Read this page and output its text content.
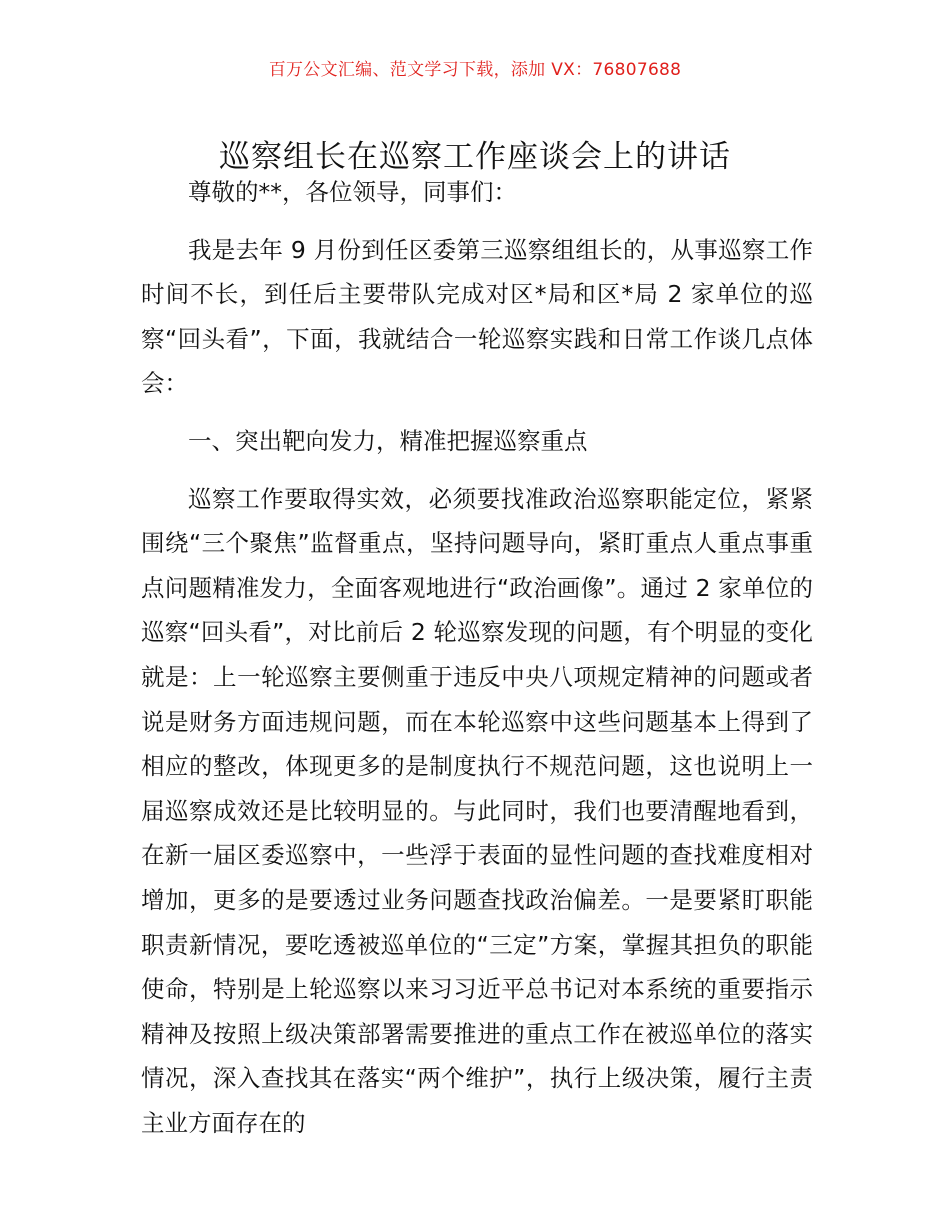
百万公文汇编、范文学习下载，添加 VX：76807688
巡察组长在巡察工作座谈会上的讲话

尊敬的**，各位领导，同事们：

我是去年 9 月份到任区委第三巡察组组长的，从事巡察工作时间不长，到任后主要带队完成对区*局和区*局 2 家单位的巡察“回头看”，下面，我就结合一轮巡察实践和日常工作谈几点体会：

一、突出靶向发力，精准把握巡察重点

巡察工作要取得实效，必须要找准政治巡察职能定位，紧紧围绕“三个聚焦”监督重点，坚持问题导向，紧盯重点人重点事重点问题精准发力，全面客观地进行“政治画像”。通过 2 家单位的巡察“回头看”，对比前后 2 轮巡察发现的问题，有个明显的变化就是：上一轮巡察主要侧重于违反中央八项规定精神的问题或者说是财务方面违规问题，而在本轮巡察中这些问题基本上得到了相应的整改，体现更多的是制度执行不规范问题，这也说明上一届巡察成效还是比较明显的。与此同时，我们也要清醒地看到，在新一届区委巡察中，一些浮于表面的显性问题的查找难度相对增加，更多的是要透过业务问题查找政治偏差。一是要紧盯职能职责新情况，要吃透被巡单位的“三定”方案，掌握其担负的职能使命，特别是上轮巡察以来习习近平总书记对本系统的重要指示精神及按照上级决策部署需要推进的重点工作在被巡单位的落实情况，深入查找其在落实“两个维护”，执行上级决策，履行主责主业方面存在的
